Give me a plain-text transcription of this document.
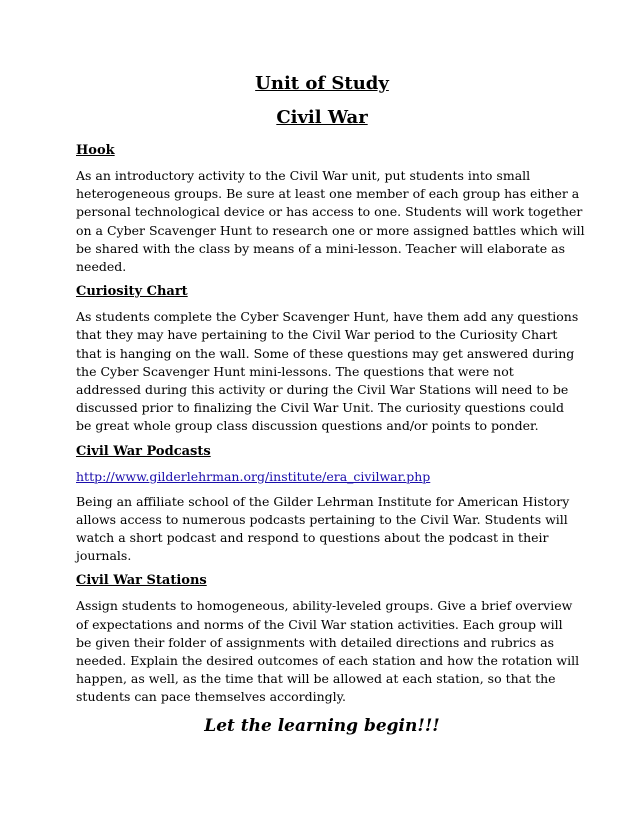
Unit of Study
Civil War
Hook
As an introductory activity to the Civil War unit, put students into small
heterogeneous groups. Be sure at least one member of each group has either a
personal technological device or has access to one. Students will work together
on a Cyber Scavenger Hunt to research one or more assigned battles which will
be shared with the class by means of a mini-lesson. Teacher will elaborate as
needed.
Curiosity Chart
As students complete the Cyber Scavenger Hunt, have them add any questions
that they may have pertaining to the Civil War period to the Curiosity Chart
that is hanging on the wall. Some of these questions may get answered during
the Cyber Scavenger Hunt mini-lessons. The questions that were not
addressed during this activity or during the Civil War Stations will need to be
discussed prior to finalizing the Civil War Unit. The curiosity questions could
be great whole group class discussion questions and/or points to ponder.
Civil War Podcasts
http://www.gilderlehrman.org/institute/era_civilwar.php
Being an affiliate school of the Gilder Lehrman Institute for American History
allows access to numerous podcasts pertaining to the Civil War. Students will
watch a short podcast and respond to questions about the podcast in their
journals.
Civil War Stations
Assign students to homogeneous, ability-leveled groups. Give a brief overview
of expectations and norms of the Civil War station activities. Each group will
be given their folder of assignments with detailed directions and rubrics as
needed. Explain the desired outcomes of each station and how the rotation will
happen, as well, as the time that will be allowed at each station, so that the
students can pace themselves accordingly.
Let the learning begin!!!
